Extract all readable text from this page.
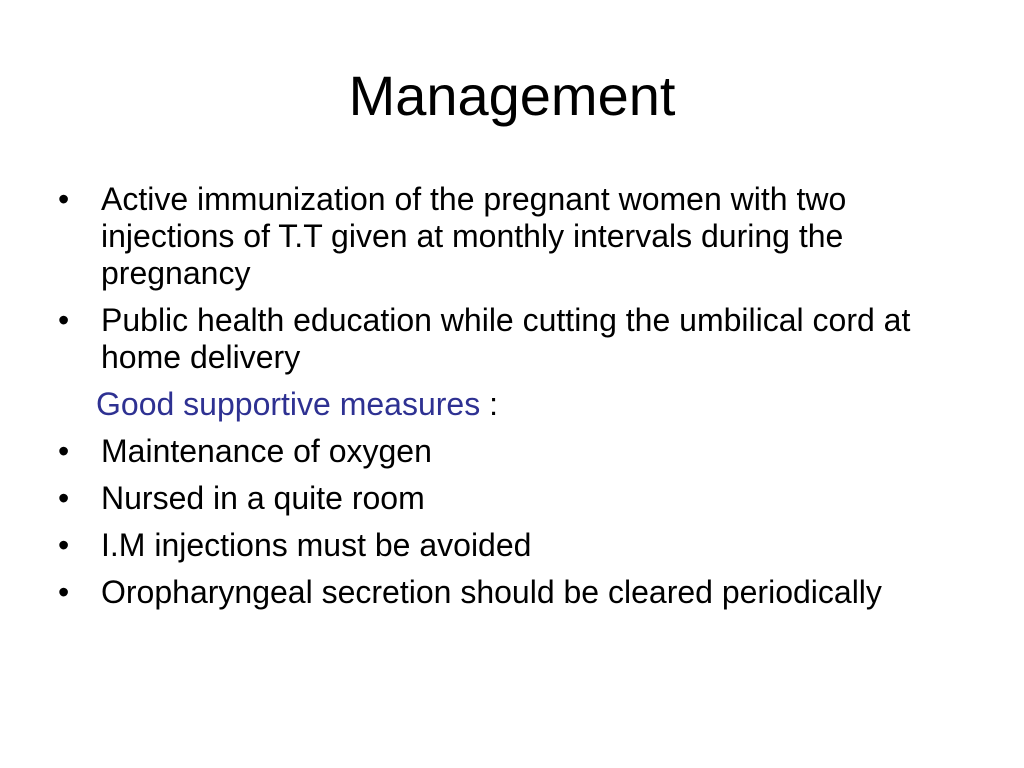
Management
• Active immunization of the pregnant women with two injections of T.T given at monthly intervals during the pregnancy
• Public health education while cutting the umbilical cord at home delivery
Good supportive measures :
• Maintenance of oxygen
• Nursed in a quite room
• I.M injections must be avoided
• Oropharyngeal secretion should be cleared periodically
